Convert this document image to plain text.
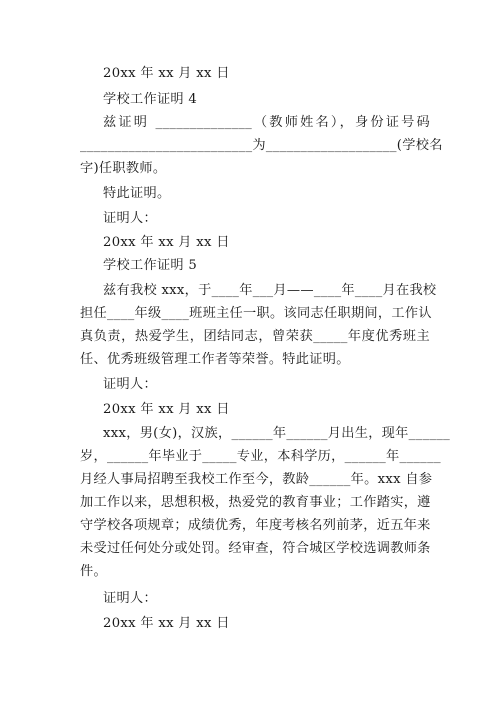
20xx 年 xx 月 xx 日
学校工作证明 4
兹证明 ______________（教师姓名），身份证号码
_________________________为___________________(学校名
字)任职教师。
特此证明。
证明人：
20xx 年 xx 月 xx 日
学校工作证明 5
兹有我校 xxx，于____年___月——____年____月在我校
担任____年级____班班主任一职。该同志任职期间，工作认
真负责，热爱学生，团结同志，曾荣获_____年度优秀班主
任、优秀班级管理工作者等荣誉。特此证明。
证明人：
20xx 年 xx 月 xx 日
xxx，男(女)，汉族，______年______月出生，现年______
岁，______年毕业于_____专业，本科学历，______年______
月经人事局招聘至我校工作至今，教龄______年。xxx 自参
加工作以来，思想积极，热爱党的教育事业；工作踏实，遵
守学校各项规章；成绩优秀，年度考核名列前茅，近五年来
未受过任何处分或处罚。经审查，符合城区学校选调教师条
件。
证明人：
20xx 年 xx 月 xx 日
